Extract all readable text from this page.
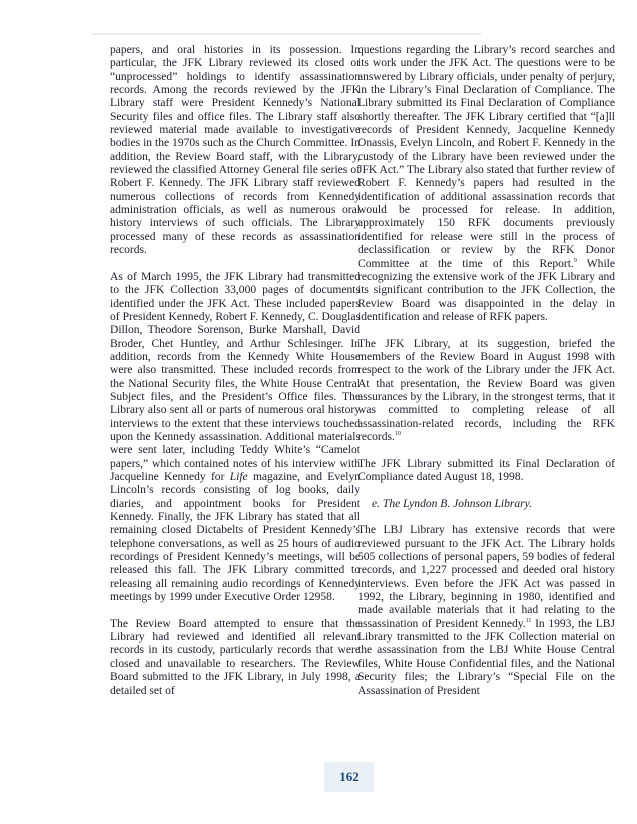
papers, and oral histories in its possession. In particular, the JFK Library reviewed its closed or “unprocessed” holdings to identify assassination records. Among the records reviewed by the JFK Library staff were President Kennedy’s National Security files and office files. The Library staff also reviewed material made available to investigative bodies in the 1970s such as the Church Committee. In addition, the Review Board staff, with the Library, reviewed the classified Attorney General file series of Robert F. Kennedy. The JFK Library staff reviewed numerous collections of records from Kennedy administration officials, as well as numerous oral history interviews of such officials. The Library processed many of these records as assassination records.

As of March 1995, the JFK Library had transmitted to the JFK Collection 33,000 pages of documents identified under the JFK Act. These included papers of President Kennedy, Robert F. Kennedy, C. Douglas Dillon, Theodore Sorenson, Burke Marshall, David Broder, Chet Huntley, and Arthur Schlesinger. In addition, records from the Kennedy White House were also transmitted. These included records from the National Security files, the White House Central Subject files, and the President’s Office files. The Library also sent all or parts of numerous oral history interviews to the extent that these interviews touched upon the Kennedy assassination. Additional materials were sent later, including Teddy White’s “Camelot papers,” which contained notes of his interview with Jacqueline Kennedy for Life magazine, and Evelyn Lincoln’s records consisting of log books, daily diaries, and appointment books for President Kennedy. Finally, the JFK Library has stated that all remaining closed Dictabelts of President Kennedy’s telephone conversations, as well as 25 hours of audio recordings of President Kennedy’s meetings, will be released this fall. The JFK Library committed to releasing all remaining audio recordings of Kennedy meetings by 1999 under Executive Order 12958.

The Review Board attempted to ensure that the Library had reviewed and identified all relevant records in its custody, particularly records that were closed and unavailable to researchers. The Review Board submitted to the JFK Library, in July 1998, a detailed set of

questions regarding the Library’s record searches and its work under the JFK Act. The questions were to be answered by Library officials, under penalty of perjury, in the Library’s Final Declaration of Compliance. The Library submitted its Final Declaration of Compliance shortly thereafter. The JFK Library certified that “[a]ll records of President Kennedy, Jacqueline Kennedy Onassis, Evelyn Lincoln, and Robert F. Kennedy in the custody of the Library have been reviewed under the JFK Act.” The Library also stated that further review of Robert F. Kennedy’s papers had resulted in the identification of additional assassination records that would be processed for release. In addition, approximately 150 RFK documents previously identified for release were still in the process of declassification or review by the RFK Donor Committee at the time of this Report.$^9$ While recognizing the extensive work of the JFK Library and its significant contribution to the JFK Collection, the Review Board was disappointed in the delay in identification and release of RFK papers.

The JFK Library, at its suggestion, briefed the members of the Review Board in August 1998 with respect to the work of the Library under the JFK Act. At that presentation, the Review Board was given assurances by the Library, in the strongest terms, that it was committed to completing release of all assassination-related records, including the RFK records.$^{10}$

The JFK Library submitted its Final Declaration of Compliance dated August 18, 1998.

e. The Lyndon B. Johnson Library.

The LBJ Library has extensive records that were reviewed pursuant to the JFK Act. The Library holds 505 collections of personal papers, 59 bodies of federal records, and 1,227 processed and deeded oral history interviews. Even before the JFK Act was passed in 1992, the Library, beginning in 1980, identified and made available materials that it had relating to the assassination of President Kennedy.$^{11}$ In 1993, the LBJ Library transmitted to the JFK Collection material on the assassination from the LBJ White House Central files, White House Confidential files, and the National Security files; the Library’s “Special File on the Assassination of President

162
